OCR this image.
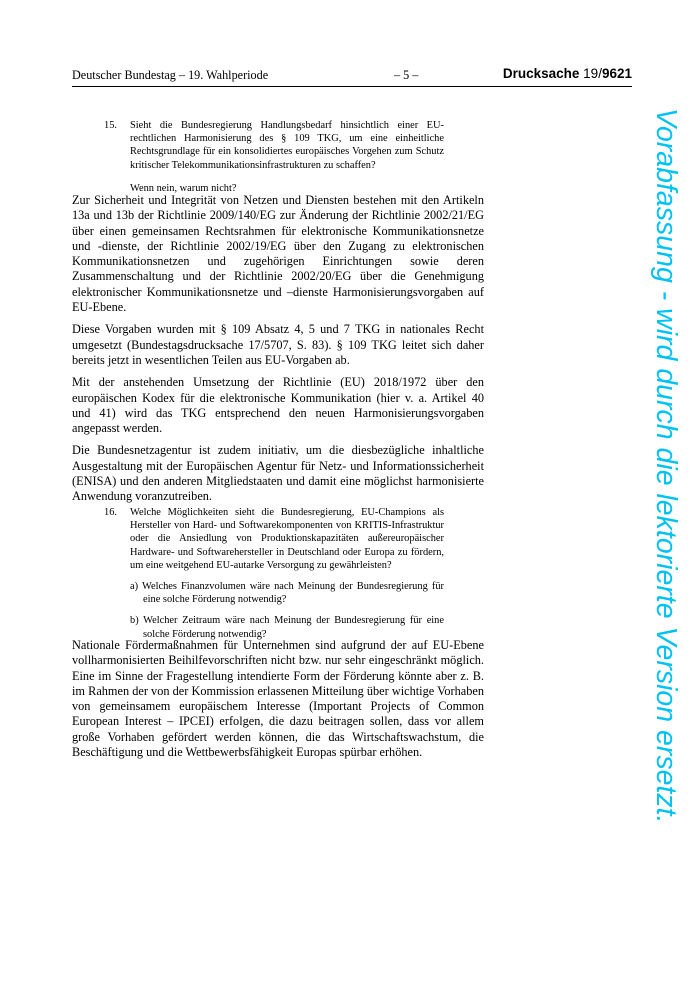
Deutscher Bundestag – 19. Wahlperiode	– 5 –	Drucksache 19/9621
15. Sieht die Bundesregierung Handlungsbedarf hinsichtlich einer EU-rechtlichen Harmonisierung des § 109 TKG, um eine einheitliche Rechtsgrundlage für ein konsolidiertes europäisches Vorgehen zum Schutz kritischer Telekommunikationsinfrastrukturen zu schaffen?
Wenn nein, warum nicht?

Zur Sicherheit und Integrität von Netzen und Diensten bestehen mit den Artikeln 13a und 13b der Richtlinie 2009/140/EG zur Änderung der Richtlinie 2002/21/EG über einen gemeinsamen Rechtsrahmen für elektronische Kommunikationsnetze und -dienste, der Richtlinie 2002/19/EG über den Zugang zu elektronischen Kommunikationsnetzen und zugehörigen Einrichtungen sowie deren Zusammenschaltung und der Richtlinie 2002/20/EG über die Genehmigung elektronischer Kommunikationsnetze und –dienste Harmonisierungsvorgaben auf EU-Ebene.

Diese Vorgaben wurden mit § 109 Absatz 4, 5 und 7 TKG in nationales Recht umgesetzt (Bundestagsdrucksache 17/5707, S. 83). § 109 TKG leitet sich daher bereits jetzt in wesentlichen Teilen aus EU-Vorgaben ab.

Mit der anstehenden Umsetzung der Richtlinie (EU) 2018/1972 über den europäischen Kodex für die elektronische Kommunikation (hier v. a. Artikel 40 und 41) wird das TKG entsprechend den neuen Harmonisierungsvorgaben angepasst werden.

Die Bundesnetzagentur ist zudem initiativ, um die diesbezügliche inhaltliche Ausgestaltung mit der Europäischen Agentur für Netz- und Informationssicherheit (ENISA) und den anderen Mitgliedstaaten und damit eine möglichst harmonisierte Anwendung voranzutreiben.

16. Welche Möglichkeiten sieht die Bundesregierung, EU-Champions als Hersteller von Hard- und Softwarekomponenten von KRITIS-Infrastruktur oder die Ansiedlung von Produktionskapazitäten außereuropäischer Hardware- und Softwarehersteller in Deutschland oder Europa zu fördern, um eine weitgehend EU-autarke Versorgung zu gewährleisten?
a) Welches Finanzvolumen wäre nach Meinung der Bundesregierung für eine solche Förderung notwendig?
b) Welcher Zeitraum wäre nach Meinung der Bundesregierung für eine solche Förderung notwendig?

Nationale Fördermaßnahmen für Unternehmen sind aufgrund der auf EU-Ebene vollharmonisierten Beihilfevorschriften nicht bzw. nur sehr eingeschränkt möglich. Eine im Sinne der Fragestellung intendierte Form der Förderung könnte aber z. B. im Rahmen der von der Kommission erlassenen Mitteilung über wichtige Vorhaben von gemeinsamem europäischem Interesse (Important Projects of Common European Interest – IPCEI) erfolgen, die dazu beitragen sollen, dass vor allem große Vorhaben gefördert werden können, die das Wirtschaftswachstum, die Beschäftigung und die Wettbewerbsfähigkeit Europas spürbar erhöhen.	Vorabfassung - wird durch die lektorierte Version ersetzt.
